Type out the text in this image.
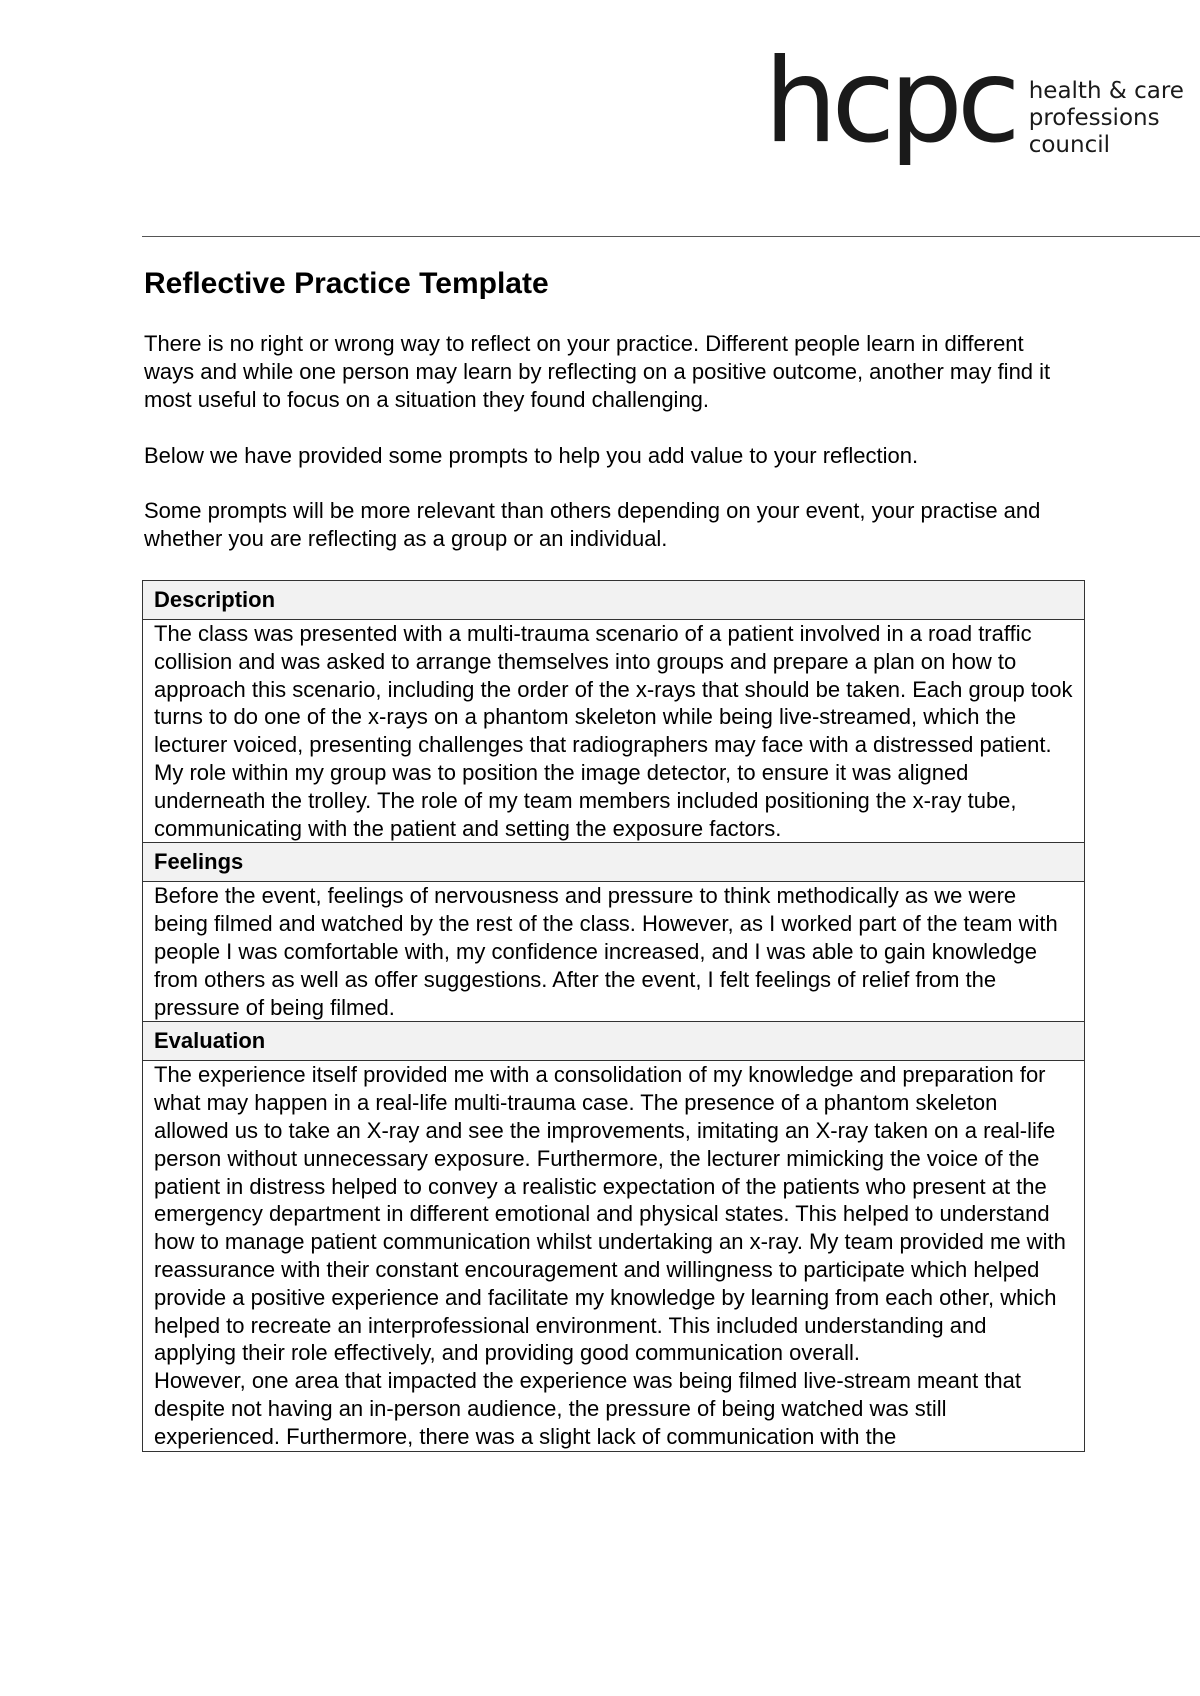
hcpc health & care
professions
council
Reflective Practice Template

There is no right or wrong way to reflect on your practice. Different people learn in different ways and while one person may learn by reflecting on a positive outcome, another may find it most useful to focus on a situation they found challenging.

Below we have provided some prompts to help you add value to your reflection.

Some prompts will be more relevant than others depending on your event, your practise and whether you are reflecting as a group or an individual.

Description

The class was presented with a multi-trauma scenario of a patient involved in a road traffic collision and was asked to arrange themselves into groups and prepare a plan on how to approach this scenario, including the order of the x-rays that should be taken. Each group took turns to do one of the x-rays on a phantom skeleton while being live-streamed, which the lecturer voiced, presenting challenges that radiographers may face with a distressed patient.

My role within my group was to position the image detector, to ensure it was aligned underneath the trolley. The role of my team members included positioning the x-ray tube, communicating with the patient and setting the exposure factors.

Feelings

Before the event, feelings of nervousness and pressure to think methodically as we were being filmed and watched by the rest of the class. However, as I worked part of the team with people I was comfortable with, my confidence increased, and I was able to gain knowledge from others as well as offer suggestions. After the event, I felt feelings of relief from the pressure of being filmed.

Evaluation

The experience itself provided me with a consolidation of my knowledge and preparation for what may happen in a real-life multi-trauma case. The presence of a phantom skeleton allowed us to take an X-ray and see the improvements, imitating an X-ray taken on a real-life person without unnecessary exposure. Furthermore, the lecturer mimicking the voice of the patient in distress helped to convey a realistic expectation of the patients who present at the emergency department in different emotional and physical states. This helped to understand how to manage patient communication whilst undertaking an x-ray. My team provided me with reassurance with their constant encouragement and willingness to participate which helped provide a positive experience and facilitate my knowledge by learning from each other, which helped to recreate an interprofessional environment. This included understanding and applying their role effectively, and providing good communication overall.

However, one area that impacted the experience was being filmed live-stream meant that despite not having an in-person audience, the pressure of being watched was still experienced. Furthermore, there was a slight lack of communication with the
